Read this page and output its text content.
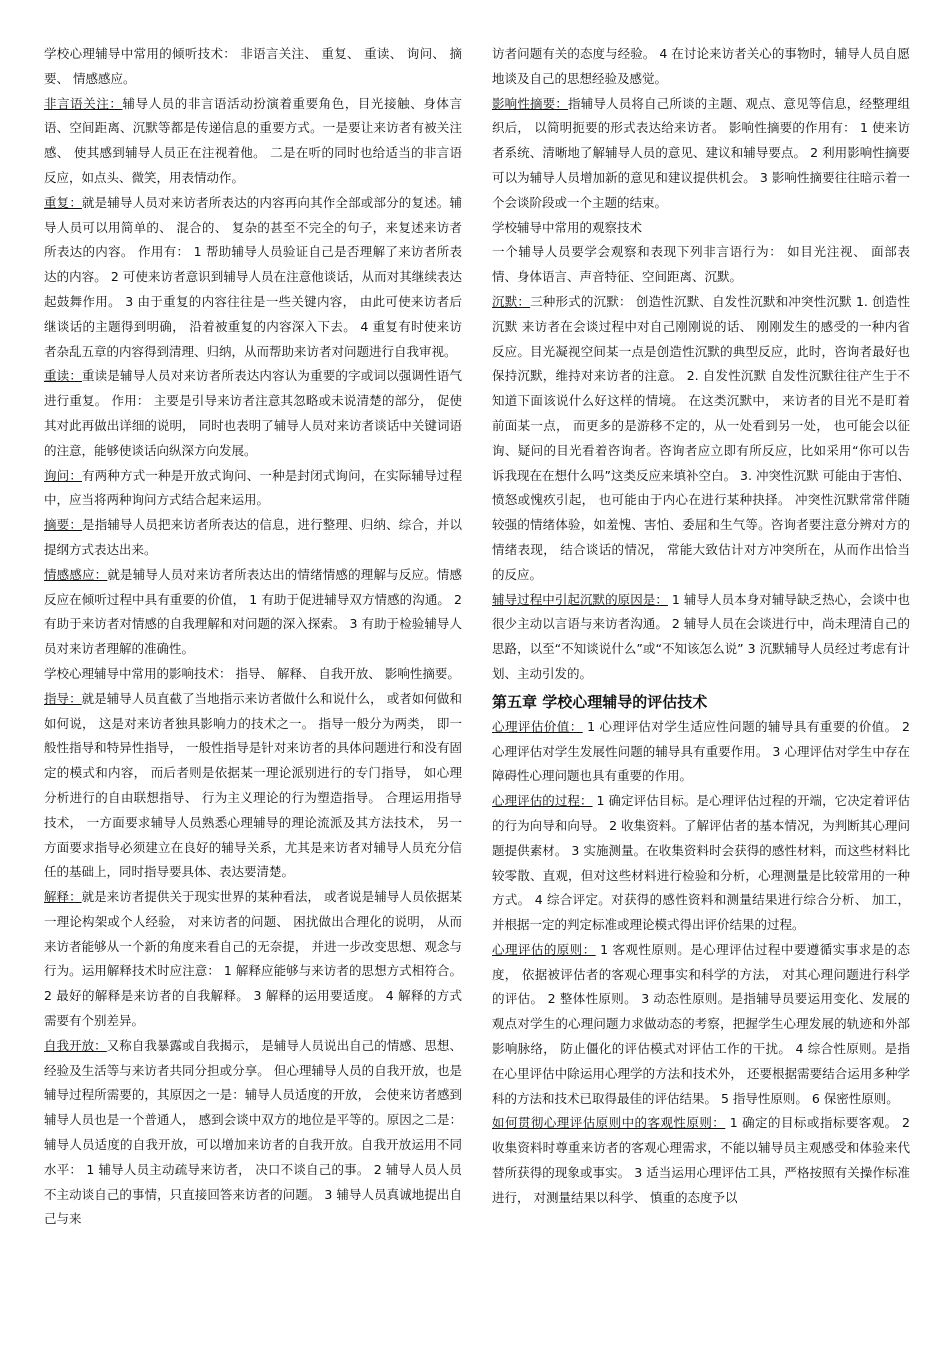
学校心理辅导中常用的倾听技术： 非语言关注、 重复、 重读、 询问、 摘要、 情感感应。

非言语关注：辅导人员的非言语活动扮演着重要角色，目光接触、身体言语、空间距离、沉默等都是传递信息的重要方式。一是要让来访者有被关注感、 使其感到辅导人员正在注视着他。 二是在听的同时也给适当的非言语反应，如点头、微笑，用表情动作。

重复：就是辅导人员对来访者所表达的内容再向其作全部或部分的复述。辅导人员可以用简单的、 混合的、 复杂的甚至不完全的句子，来复述来访者所表达的内容。 作用有： 1 帮助辅导人员验证自己是否理解了来访者所表达的内容。 2 可使来访者意识到辅导人员在注意他谈话，从而对其继续表达起鼓舞作用。 3 由于重复的内容往往是一些关键内容， 由此可使来访者后继谈话的主题得到明确， 沿着被重复的内容深入下去。 4 重复有时使来访者杂乱五章的内容得到清理、归纳，从而帮助来访者对问题进行自我审视。

重读：重读是辅导人员对来访者所表达内容认为重要的字或词以强调性语气进行重复。 作用： 主要是引导来访者注意其忽略或未说清楚的部分， 促使其对此再做出详细的说明， 同时也表明了辅导人员对来访者谈话中关键词语的注意，能够使谈话向纵深方向发展。

询问：有两种方式一种是开放式询问、一种是封闭式询问，在实际辅导过程中，应当将两种询问方式结合起来运用。

摘要：是指辅导人员把来访者所表达的信息，进行整理、归纳、综合，并以提纲方式表达出来。

情感感应：就是辅导人员对来访者所表达出的情绪情感的理解与反应。情感反应在倾听过程中具有重要的价值， 1 有助于促进辅导双方情感的沟通。 2 有助于来访者对情感的自我理解和对问题的深入探索。 3 有助于检验辅导人员对来访者理解的准确性。

学校心理辅导中常用的影响技术： 指导、 解释、 自我开放、 影响性摘要。

指导：就是辅导人员直截了当地指示来访者做什么和说什么， 或者如何做和如何说， 这是对来访者独具影响力的技术之一。 指导一般分为两类， 即一般性指导和特异性指导， 一般性指导是针对来访者的具体问题进行和没有固定的模式和内容， 而后者则是依据某一理论派别进行的专门指导， 如心理分析进行的自由联想指导、 行为主义理论的行为塑造指导。 合理运用指导技术， 一方面要求辅导人员熟悉心理辅导的理论流派及其方法技术， 另一方面要求指导必须建立在良好的辅导关系，尤其是来访者对辅导人员充分信任的基础上，同时指导要具体、表达要清楚。

解释：就是来访者提供关于现实世界的某种看法， 或者说是辅导人员依据某一理论构架或个人经验， 对来访者的问题、 困扰做出合理化的说明， 从而来访者能够从一个新的角度来看自己的无奈提， 并进一步改变思想、观念与行为。运用解释技术时应注意： 1 解释应能够与来访者的思想方式相符合。 2 最好的解释是来访者的自我解释。 3 解释的运用要适度。 4 解释的方式需要有个别差异。

自我开放：又称自我暴露或自我揭示， 是辅导人员说出自己的情感、思想、经验及生活等与来访者共同分担或分享。 但心理辅导人员的自我开放，也是辅导过程所需要的，其原因之一是：辅导人员适度的开放， 会使来访者感到辅导人员也是一个普通人， 感到会谈中双方的地位是平等的。原因之二是：辅导人员适度的自我开放，可以增加来访者的自我开放。自我开放运用不同水平： 1 辅导人员主动疏导来访者， 决口不谈自己的事。 2 辅导人员人员不主动谈自己的事情，只直接回答来访者的问题。 3 辅导人员真诚地提出自己与来

访者问题有关的态度与经验。 4 在讨论来访者关心的事物时，辅导人员自愿地谈及自己的思想经验及感觉。

影响性摘要：指辅导人员将自己所谈的主题、观点、意见等信息，经整理组织后， 以简明扼要的形式表达给来访者。 影响性摘要的作用有： 1 使来访者系统、清晰地了解辅导人员的意见、建议和辅导要点。 2 利用影响性摘要可以为辅导人员增加新的意见和建议提供机会。 3 影响性摘要往往暗示着一个会谈阶段或一个主题的结束。

学校辅导中常用的观察技术

一个辅导人员要学会观察和表现下列非言语行为： 如目光注视、 面部表情、身体语言、声音特征、空间距离、沉默。

沉默：三种形式的沉默： 创造性沉默、自发性沉默和冲突性沉默 1. 创造性沉默 来访者在会谈过程中对自己刚刚说的话、 刚刚发生的感受的一种内省反应。目光凝视空间某一点是创造性沉默的典型反应，此时，咨询者最好也保持沉默，维持对来访者的注意。 2. 自发性沉默 自发性沉默往往产生于不知道下面该说什么好这样的情境。 在这类沉默中， 来访者的目光不是盯着前面某一点， 而更多的是游移不定的，从一处看到另一处， 也可能会以征询、疑问的目光看着咨询者。咨询者应立即有所反应，比如采用“你可以告诉我现在在想什么吗”这类反应来填补空白。 3. 冲突性沉默 可能由于害怕、愤怒或愧疚引起， 也可能由于内心在进行某种抉择。 冲突性沉默常常伴随较强的情绪体验，如羞愧、害怕、委屈和生气等。咨询者要注意分辨对方的情绪表现， 结合谈话的情况， 常能大致估计对方冲突所在，从而作出恰当的反应。

辅导过程中引起沉默的原因是： 1 辅导人员本身对辅导缺乏热心，会谈中也很少主动以言语与来访者沟通。 2 辅导人员在会谈进行中，尚未理清自己的思路，以至“不知谈说什么”或“不知该怎么说” 3 沉默辅导人员经过考虑有计划、主动引发的。

第五章 学校心理辅导的评估技术

心理评估价值： 1 心理评估对学生适应性问题的辅导具有重要的价值。 2 心理评估对学生发展性问题的辅导具有重要作用。 3 心理评估对学生中存在障碍性心理问题也具有重要的作用。

心理评估的过程： 1 确定评估目标。是心理评估过程的开端，它决定着评估的行为向导和向导。 2 收集资料。了解评估者的基本情况，为判断其心理问题提供素材。 3 实施测量。在收集资料时会获得的感性材料，而这些材料比较零散、直观，但对这些材料进行检验和分析，心理测量是比较常用的一种方式。 4 综合评定。对获得的感性资料和测量结果进行综合分析、 加工， 并根据一定的判定标准或理论模式得出评价结果的过程。

心理评估的原则： 1 客观性原则。是心理评估过程中要遵循实事求是的态度， 依据被评估者的客观心理事实和科学的方法， 对其心理问题进行科学的评估。 2 整体性原则。 3 动态性原则。是指辅导员要运用变化、发展的观点对学生的心理问题力求做动态的考察，把握学生心理发展的轨迹和外部影响脉络， 防止僵化的评估模式对评估工作的干扰。 4 综合性原则。是指在心里评估中除运用心理学的方法和技术外， 还要根据需要结合运用多种学科的方法和技术已取得最佳的评估结果。 5 指导性原则。 6 保密性原则。

如何贯彻心理评估原则中的客观性原则： 1 确定的目标或指标要客观。 2 收集资料时尊重来访者的客观心理需求，不能以辅导员主观感受和体验来代替所获得的现象或事实。 3 适当运用心理评估工具，严格按照有关操作标准进行， 对测量结果以科学、 慎重的态度予以
